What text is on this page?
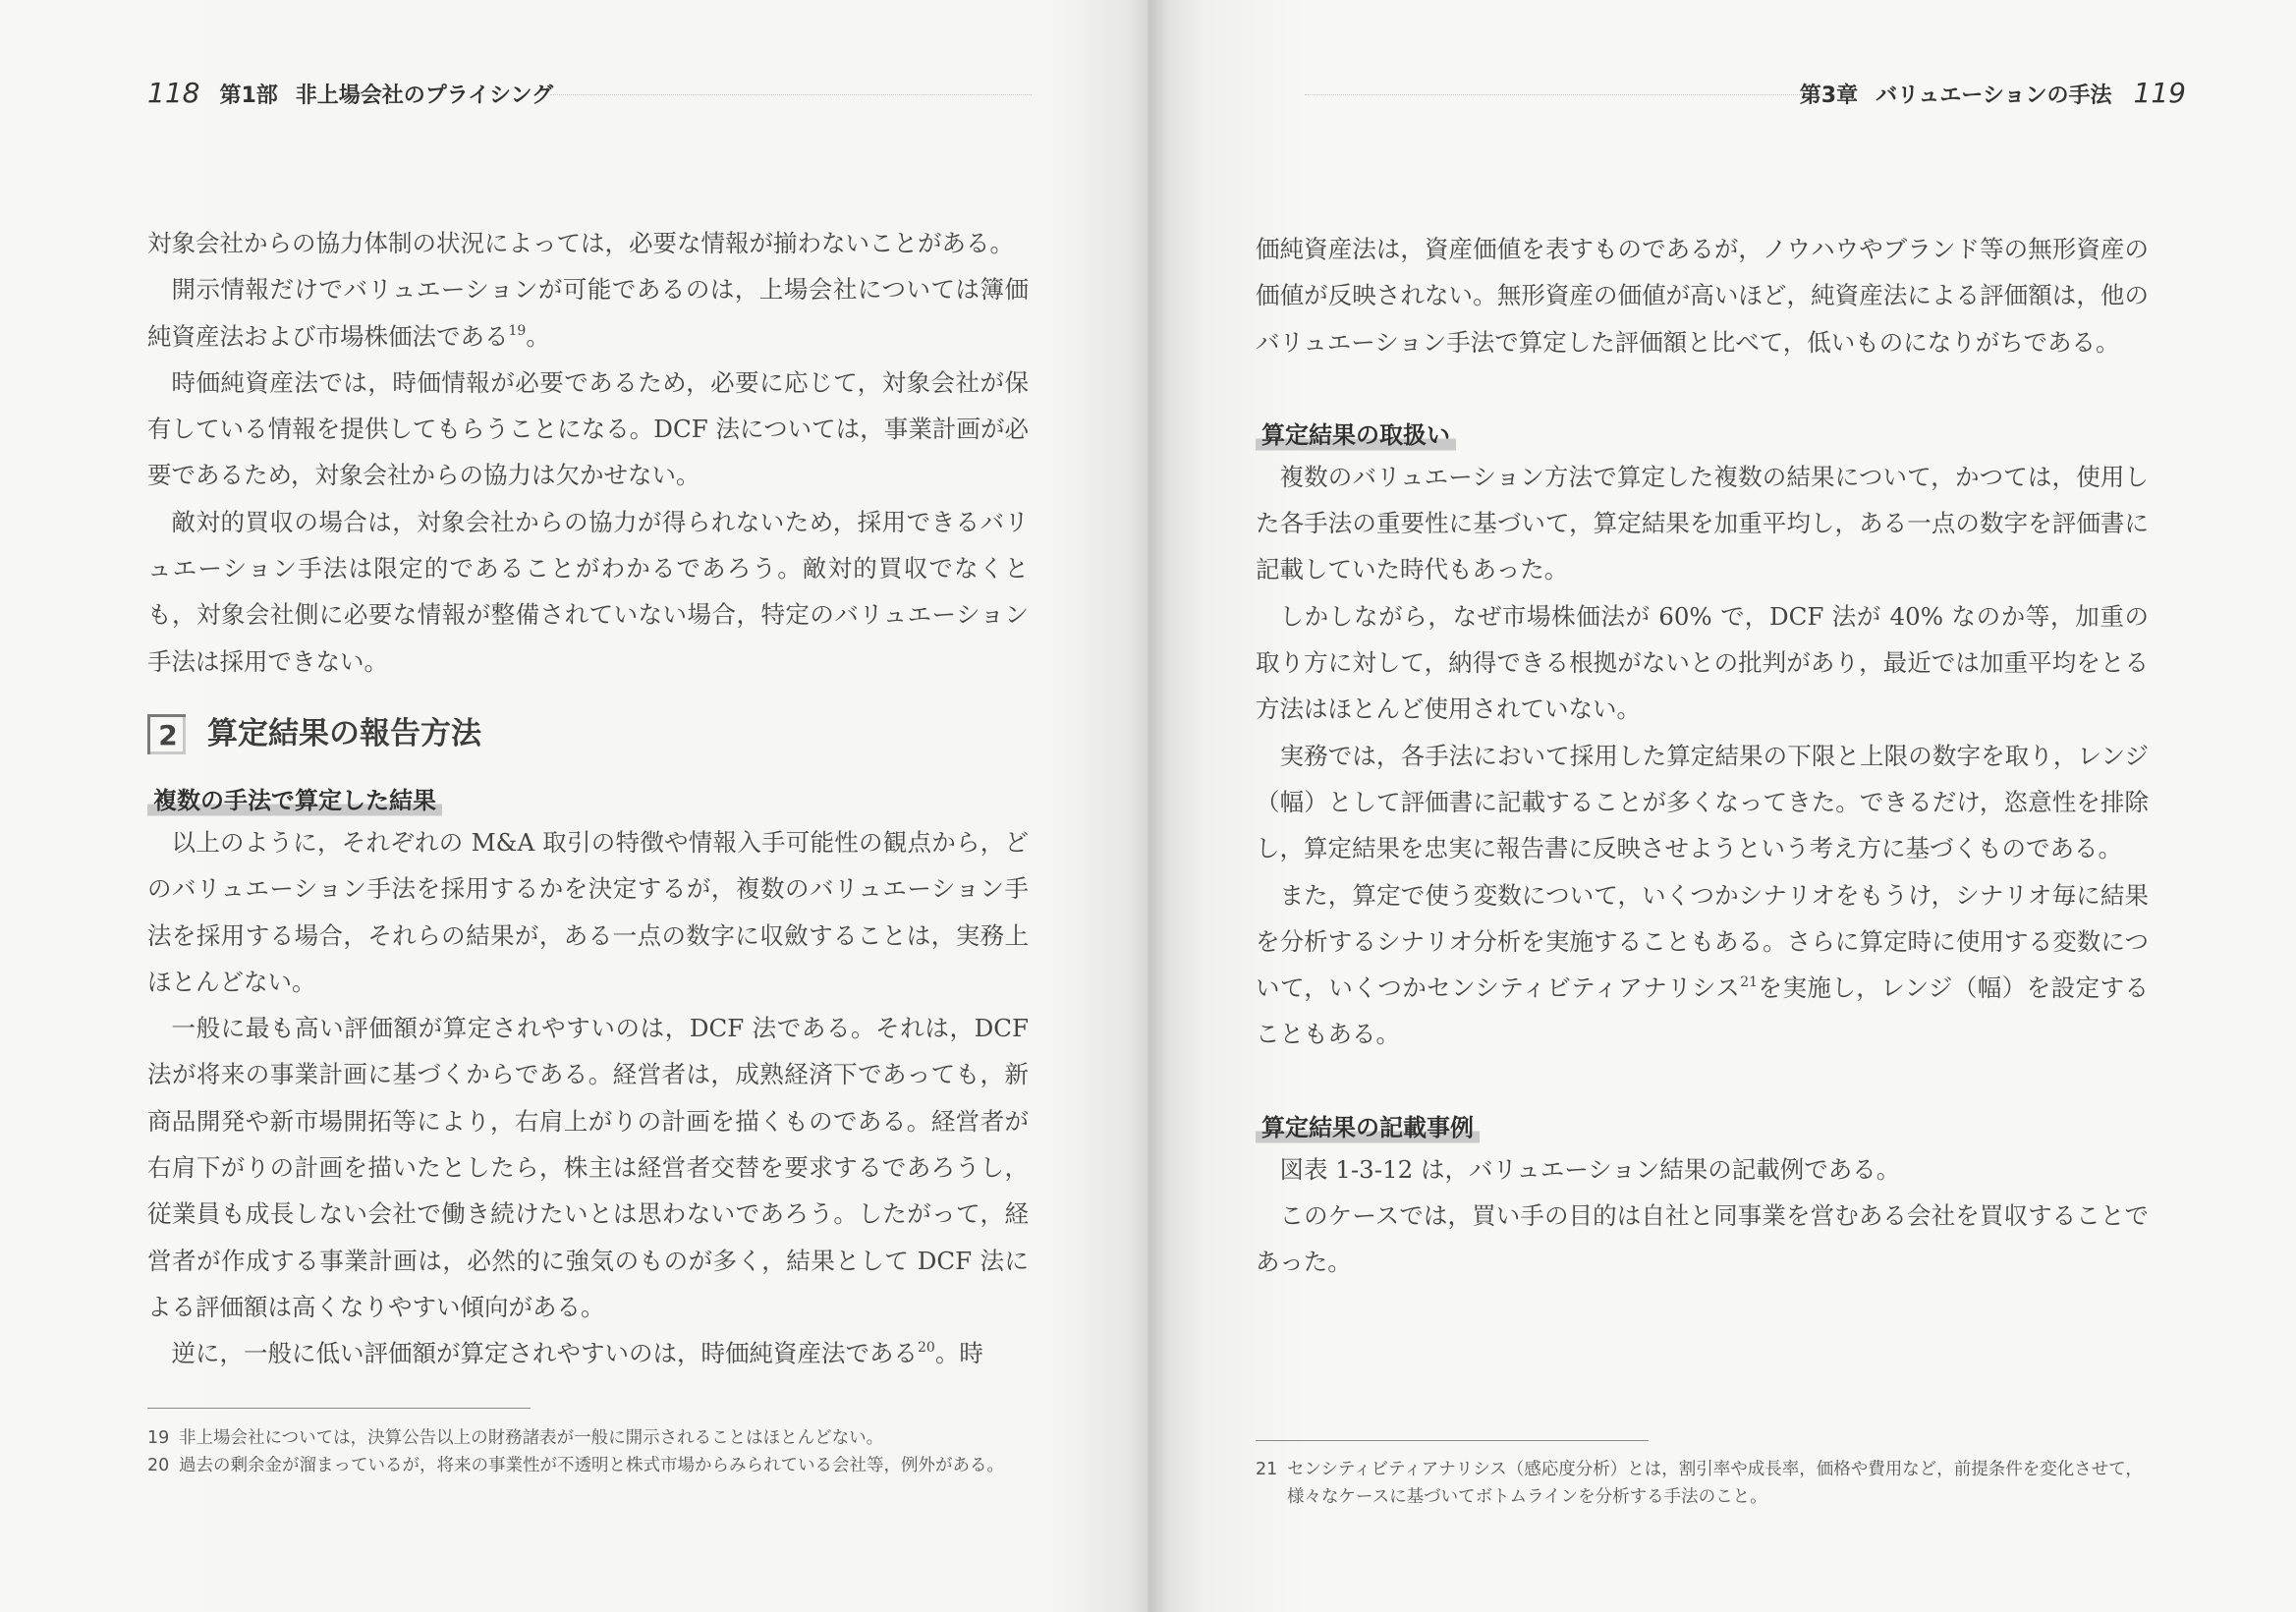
118 第1部 非上場会社のプライシング

対象会社からの協力体制の状況によっては，必要な情報が揃わないことがある。

開示情報だけでバリュエーションが可能であるのは，上場会社については簿価純資産法および市場株価法である$^{19}$。

時価純資産法では，時価情報が必要であるため，必要に応じて，対象会社が保有している情報を提供してもらうことになる。DCF 法については，事業計画が必要であるため，対象会社からの協力は欠かせない。

敵対的買収の場合は，対象会社からの協力が得られないため，採用できるバリュエーション手法は限定的であることがわかるであろう。敵対的買収でなくとも，対象会社側に必要な情報が整備されていない場合，特定のバリュエーション手法は採用できない。

2 算定結果の報告方法
複数の手法で算定した結果

以上のように，それぞれの M&A 取引の特徴や情報入手可能性の観点から，どのバリュエーション手法を採用するかを決定するが，複数のバリュエーション手法を採用する場合，それらの結果が，ある一点の数字に収斂することは，実務上ほとんどない。

一般に最も高い評価額が算定されやすいのは，DCF 法である。それは，DCF 法が将来の事業計画に基づくからである。経営者は，成熟経済下であっても，新商品開発や新市場開拓等により，右肩上がりの計画を描くものである。経営者が右肩下がりの計画を描いたとしたら，株主は経営者交替を要求するであろうし，従業員も成長しない会社で働き続けたいとは思わないであろう。したがって，経営者が作成する事業計画は，必然的に強気のものが多く，結果として DCF 法による評価額は高くなりやすい傾向がある。

逆に，一般に低い評価額が算定されやすいのは，時価純資産法である$^{20}$。時

19 非上場会社については，決算公告以上の財務諸表が一般に開示されることはほとんどない。
20 過去の剰余金が溜まっているが，将来の事業性が不透明と株式市場からみられている会社等，例外がある。
第3章 バリュエーションの手法 119

価純資産法は，資産価値を表すものであるが，ノウハウやブランド等の無形資産の価値が反映されない。無形資産の価値が高いほど，純資産法による評価額は，他のバリュエーション手法で算定した評価額と比べて，低いものになりがちである。

算定結果の取扱い

複数のバリュエーション方法で算定した複数の結果について，かつては，使用した各手法の重要性に基づいて，算定結果を加重平均し，ある一点の数字を評価書に記載していた時代もあった。

しかしながら，なぜ市場株価法が 60% で，DCF 法が 40% なのか等，加重の取り方に対して，納得できる根拠がないとの批判があり，最近では加重平均をとる方法はほとんど使用されていない。

実務では，各手法において採用した算定結果の下限と上限の数字を取り，レンジ（幅）として評価書に記載することが多くなってきた。できるだけ，恣意性を排除し，算定結果を忠実に報告書に反映させようという考え方に基づくものである。

また，算定で使う変数について，いくつかシナリオをもうけ，シナリオ毎に結果を分析するシナリオ分析を実施することもある。さらに算定時に使用する変数について，いくつかセンシティビティアナリシス$^{21}$を実施し，レンジ（幅）を設定することもある。

算定結果の記載事例

図表 1-3-12 は，バリュエーション結果の記載例である。

このケースでは，買い手の目的は自社と同事業を営むある会社を買収することであった。

21 センシティビティアナリシス（感応度分析）とは，割引率や成長率，価格や費用など，前提条件を変化させて，様々なケースに基づいてボトムラインを分析する手法のこと。
